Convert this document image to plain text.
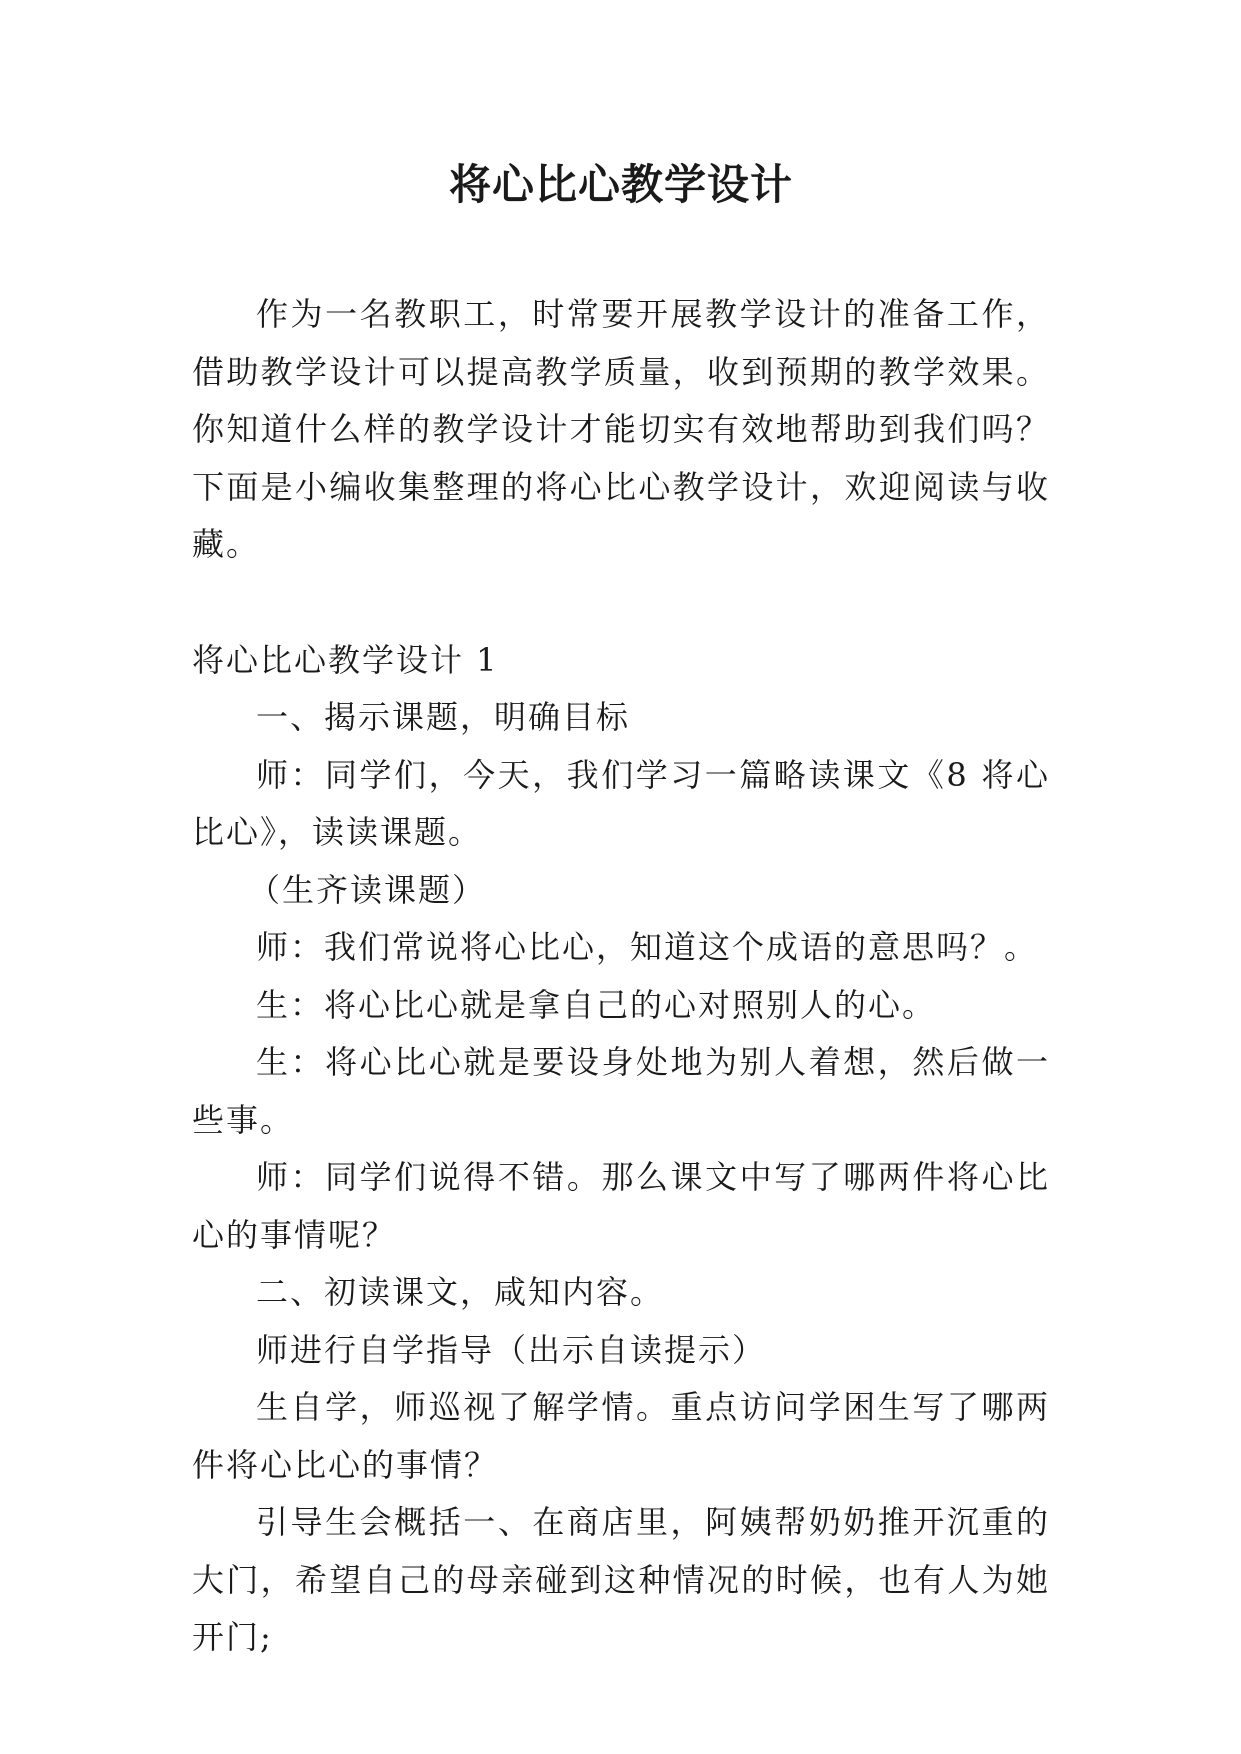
将心比心教学设计

作为一名教职工，时常要开展教学设计的准备工作，借助教学设计可以提高教学质量，收到预期的教学效果。你知道什么样的教学设计才能切实有效地帮助到我们吗？下面是小编收集整理的将心比心教学设计，欢迎阅读与收藏。

将心比心教学设计 1

一、揭示课题，明确目标

师：同学们，今天，我们学习一篇略读课文《8 将心比心》，读读课题。

（生齐读课题）

师：我们常说将心比心，知道这个成语的意思吗？。

生：将心比心就是拿自己的心对照别人的心。

生：将心比心就是要设身处地为别人着想，然后做一些事。

师：同学们说得不错。那么课文中写了哪两件将心比心的事情呢？

二、初读课文，咸知内容。

师进行自学指导（出示自读提示）

生自学，师巡视了解学情。重点访问学困生写了哪两件将心比心的事情？

引导生会概括一、在商店里，阿姨帮奶奶推开沉重的大门，希望自己的母亲碰到这种情况的时候，也有人为她开门;
